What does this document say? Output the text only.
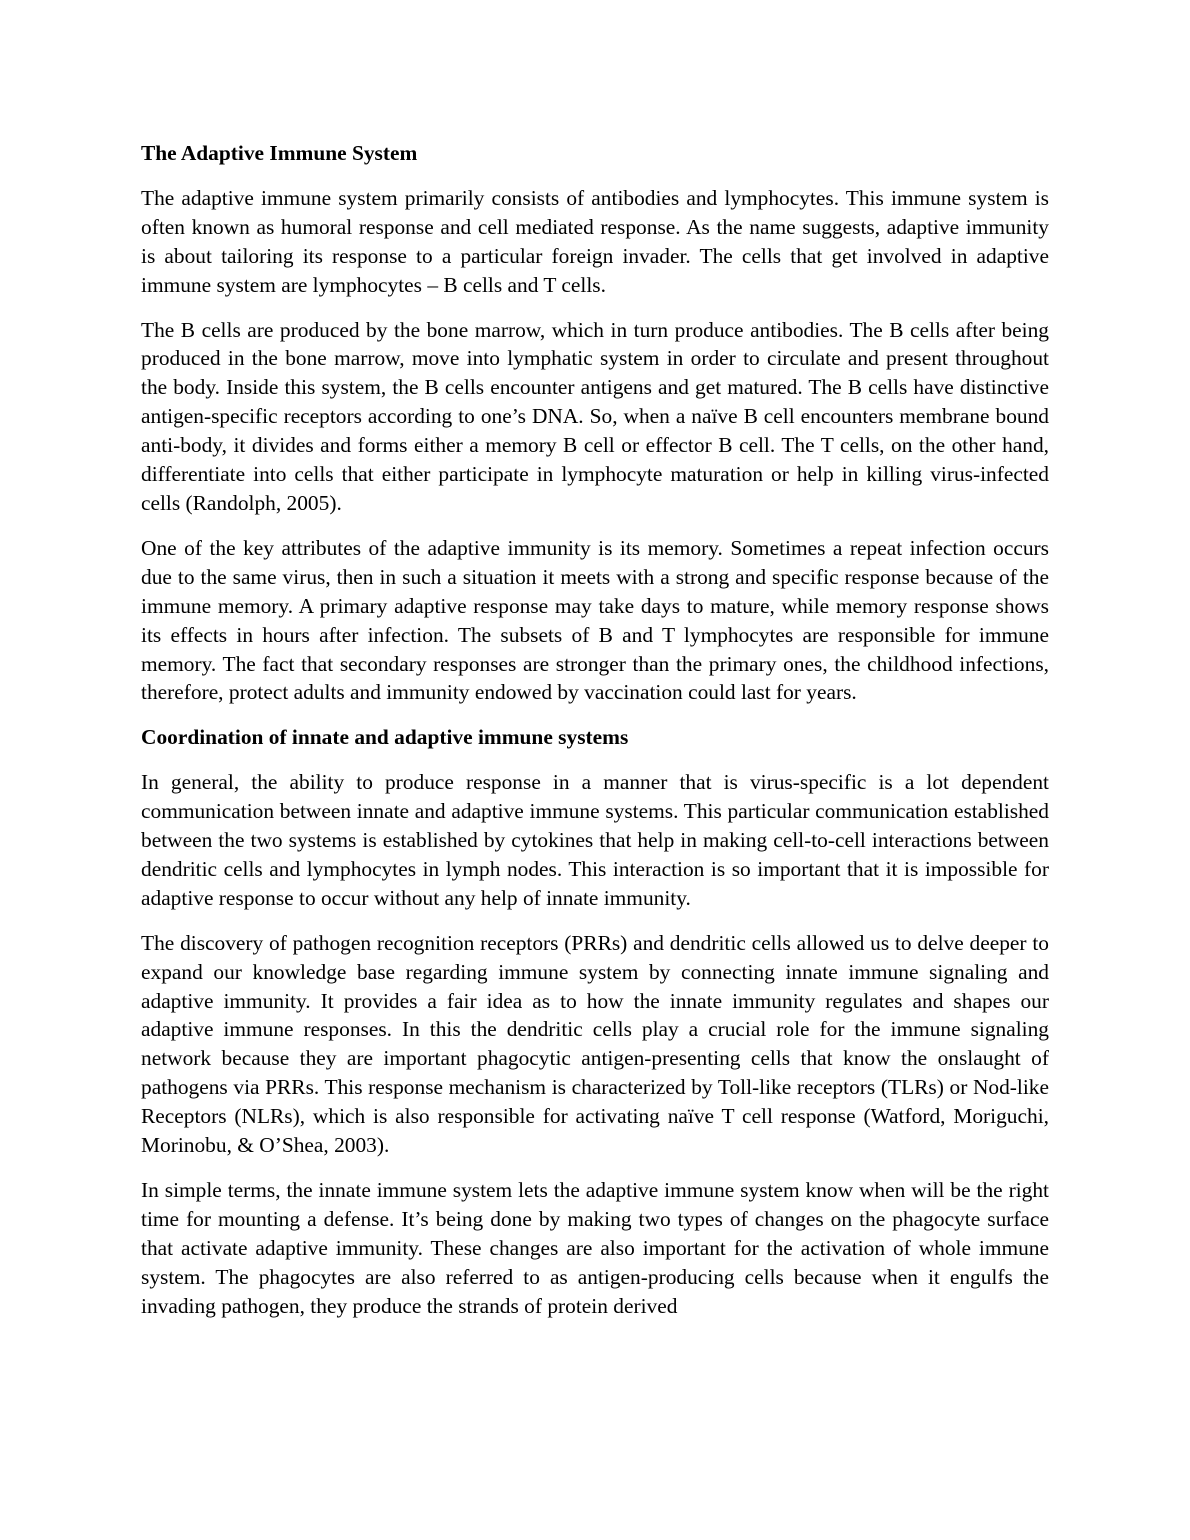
The Adaptive Immune System
The adaptive immune system primarily consists of antibodies and lymphocytes. This immune system is often known as humoral response and cell mediated response. As the name suggests, adaptive immunity is about tailoring its response to a particular foreign invader. The cells that get involved in adaptive immune system are lymphocytes – B cells and T cells.
The B cells are produced by the bone marrow, which in turn produce antibodies. The B cells after being produced in the bone marrow, move into lymphatic system in order to circulate and present throughout the body. Inside this system, the B cells encounter antigens and get matured. The B cells have distinctive antigen-specific receptors according to one’s DNA. So, when a naïve B cell encounters membrane bound anti-body, it divides and forms either a memory B cell or effector B cell. The T cells, on the other hand, differentiate into cells that either participate in lymphocyte maturation or help in killing virus-infected cells (Randolph, 2005).
One of the key attributes of the adaptive immunity is its memory. Sometimes a repeat infection occurs due to the same virus, then in such a situation it meets with a strong and specific response because of the immune memory. A primary adaptive response may take days to mature, while memory response shows its effects in hours after infection. The subsets of B and T lymphocytes are responsible for immune memory. The fact that secondary responses are stronger than the primary ones, the childhood infections, therefore, protect adults and immunity endowed by vaccination could last for years.
Coordination of innate and adaptive immune systems
In general, the ability to produce response in a manner that is virus-specific is a lot dependent communication between innate and adaptive immune systems. This particular communication established between the two systems is established by cytokines that help in making cell-to-cell interactions between dendritic cells and lymphocytes in lymph nodes. This interaction is so important that it is impossible for adaptive response to occur without any help of innate immunity.
The discovery of pathogen recognition receptors (PRRs) and dendritic cells allowed us to delve deeper to expand our knowledge base regarding immune system by connecting innate immune signaling and adaptive immunity. It provides a fair idea as to how the innate immunity regulates and shapes our adaptive immune responses. In this the dendritic cells play a crucial role for the immune signaling network because they are important phagocytic antigen-presenting cells that know the onslaught of pathogens via PRRs. This response mechanism is characterized by Toll-like receptors (TLRs) or Nod-like Receptors (NLRs), which is also responsible for activating naïve T cell response (Watford, Moriguchi, Morinobu, & O’Shea, 2003).
In simple terms, the innate immune system lets the adaptive immune system know when will be the right time for mounting a defense. It’s being done by making two types of changes on the phagocyte surface that activate adaptive immunity. These changes are also important for the activation of whole immune system. The phagocytes are also referred to as antigen-producing cells because when it engulfs the invading pathogen, they produce the strands of protein derived
